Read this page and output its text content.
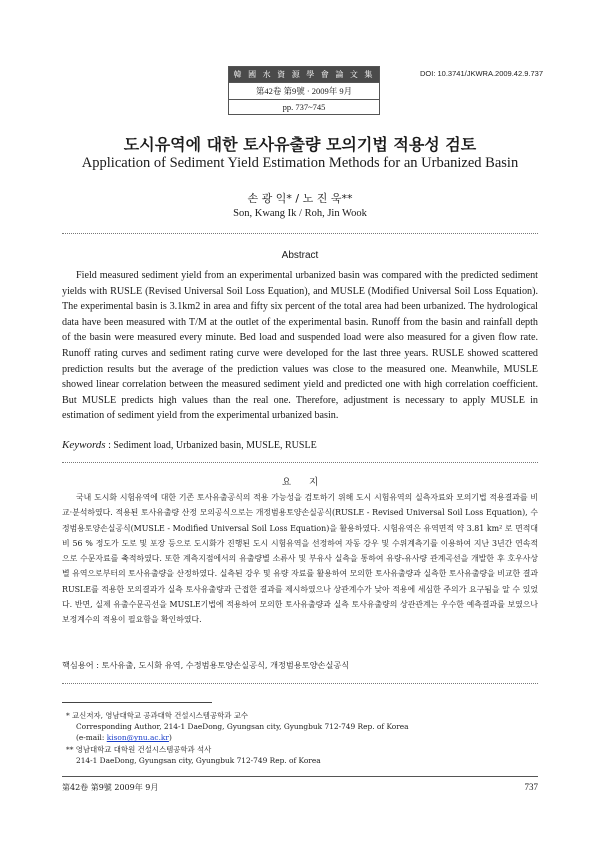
韓 國 水 資 源 學 會 論 文 集
第42卷 第9號 · 2009年 9月
pp. 737~745
DOI: 10.3741/JKWRA.2009.42.9.737
도시유역에 대한 토사유출량 모의기법 적용성 검토
Application of Sediment Yield Estimation Methods for an Urbanized Basin
손 광 익* / 노 진 욱**
Son, Kwang Ik / Roh, Jin Wook
Abstract
Field measured sediment yield from an experimental urbanized basin was compared with the predicted sediment yields with RUSLE (Revised Universal Soil Loss Equation), and MUSLE (Modified Universal Soil Loss Equation). The experimental basin is 3.1km2 in area and fifty six percent of the total area had been urbanized. The hydrological data have been measured with T/M at the outlet of the experimental basin. Runoff from the basin and rainfall depth of the basin were measured every minute. Bed load and suspended load were also measured for a given flow rate. Runoff rating curves and sediment rating curve were developed for the last three years. RUSLE showed scattered prediction results but the average of the prediction values was close to the measured one. Meanwhile, MUSLE showed linear correlation between the measured sediment yield and predicted one with high correlation coefficient. But MUSLE predicts high values than the real one. Therefore, adjustment is necessary to apply MUSLE in estimation of sediment yield from the experimental urbanized basin.
Keywords : Sediment load, Urbanized basin, MUSLE, RUSLE
요지
국내 도시화 시험유역에 대한 기존 토사유출공식의 적용 가능성을 검토하기 위해 도시 시험유역의 실측자료와 모의기법 적용결과를 비교·분석하였다. 적용된 토사유출량 산정 모의공식으로는 개정범용토양손실공식(RUSLE - Revised Universal Soil Loss Equation), 수정범용토양손실공식(MUSLE - Modified Universal Soil Loss Equation)을 활용하였다. 시험유역은 유역면적 약 3.81 km² 로 면적대비 56 % 정도가 도로 및 포장 등으로 도시화가 진행된 도시 시험유역을 선정하여 자동 강우 및 수위계측기를 이용하여 지난 3년간 연속적으로 수문자료를 축적하였다. 또한 계측지점에서의 유출량별 소류사 및 부유사 실측을 통하여 유량-유사량 관계곡선을 개발한 후 호우사상별 유역으로부터의 토사유출량을 산정하였다. 실측된 강우 및 유량 자료를 활용하여 모의한 토사유출량과 실측한 토사유출량을 비교한 결과 RUSLE를 적용한 모의결과가 실측 토사유출량과 근접한 결과를 제시하였으나 상관계수가 낮아 적용에 세심한 주의가 요구됨을 알 수 있었다. 반면, 실제 유출수문곡선을 MUSLE기법에 적용하여 모의한 토사유출량과 실측 토사유출량의 상관관계는 우수한 예측결과를 보였으나 보정계수의 적용이 필요함을 확인하였다.
핵심용어 : 토사유출, 도시화 유역, 수정범용토양손실공식, 개정범용토양손실공식
* 교신저자, 영남대학교 공과대학 건설시스템공학과 교수
Corresponding Author, 214-1 DaeDong, Gyungsan city, Gyungbuk 712-749 Rep. of Korea
(e-mail: kison@ynu.ac.kr)
** 영남대학교 대학원 건설시스템공학과 석사
214-1 DaeDong, Gyungsan city, Gyungbuk 712-749 Rep. of Korea
第42卷 第9號 2009年 9月	737
